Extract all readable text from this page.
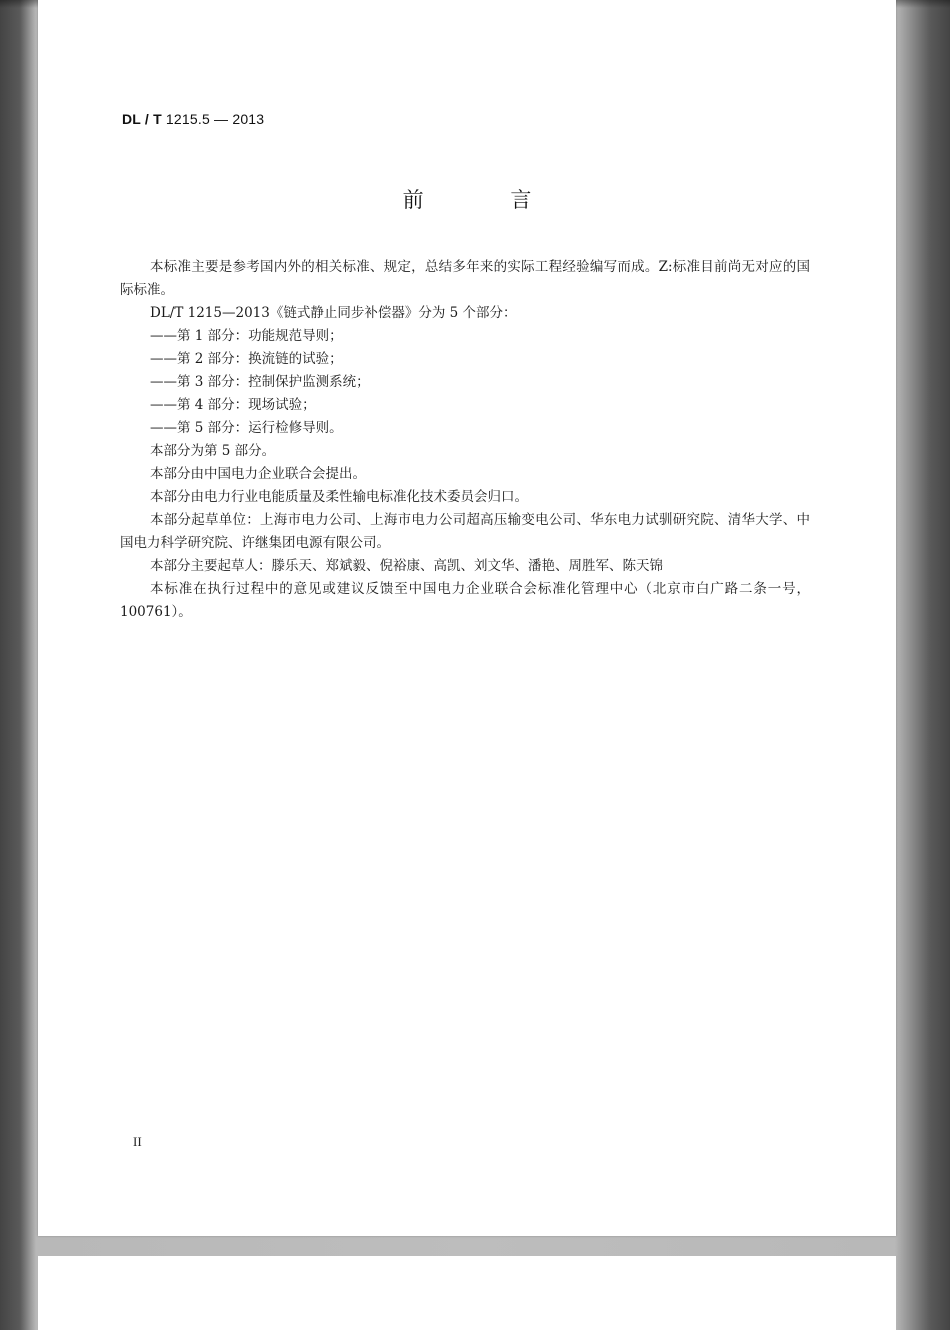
DL / T 1215.5 — 2013
前 言

本标准主要是参考国内外的相关标准、规定，总结多年来的实际工程经验编写而成。Z:标准目前尚无对应的国际标准。

DL/T 1215—2013《链式静止同步补偿器》分为 5 个部分：

——第 1 部分：功能规范导则；

——第 2 部分：换流链的试验；

——第 3 部分：控制保护监测系统；

——第 4 部分：现场试验；

——第 5 部分：运行检修导则。

本部分为第 5 部分。

本部分由中国电力企业联合会提出。

本部分由电力行业电能质量及柔性输电标准化技术委员会归口。

本部分起草单位：上海市电力公司、上海市电力公司超高压输变电公司、华东电力试驯研究院、清华大学、中国电力科学研究院、许继集团电源有限公司。

本部分主要起草人：滕乐天、郑斌毅、倪裕康、高凯、刘文华、潘艳、周胜军、陈天锦

本标准在执行过程中的意见或建议反馈至中国电力企业联合会标准化管理中心（北京市白广路二条一号，100761）。

II
